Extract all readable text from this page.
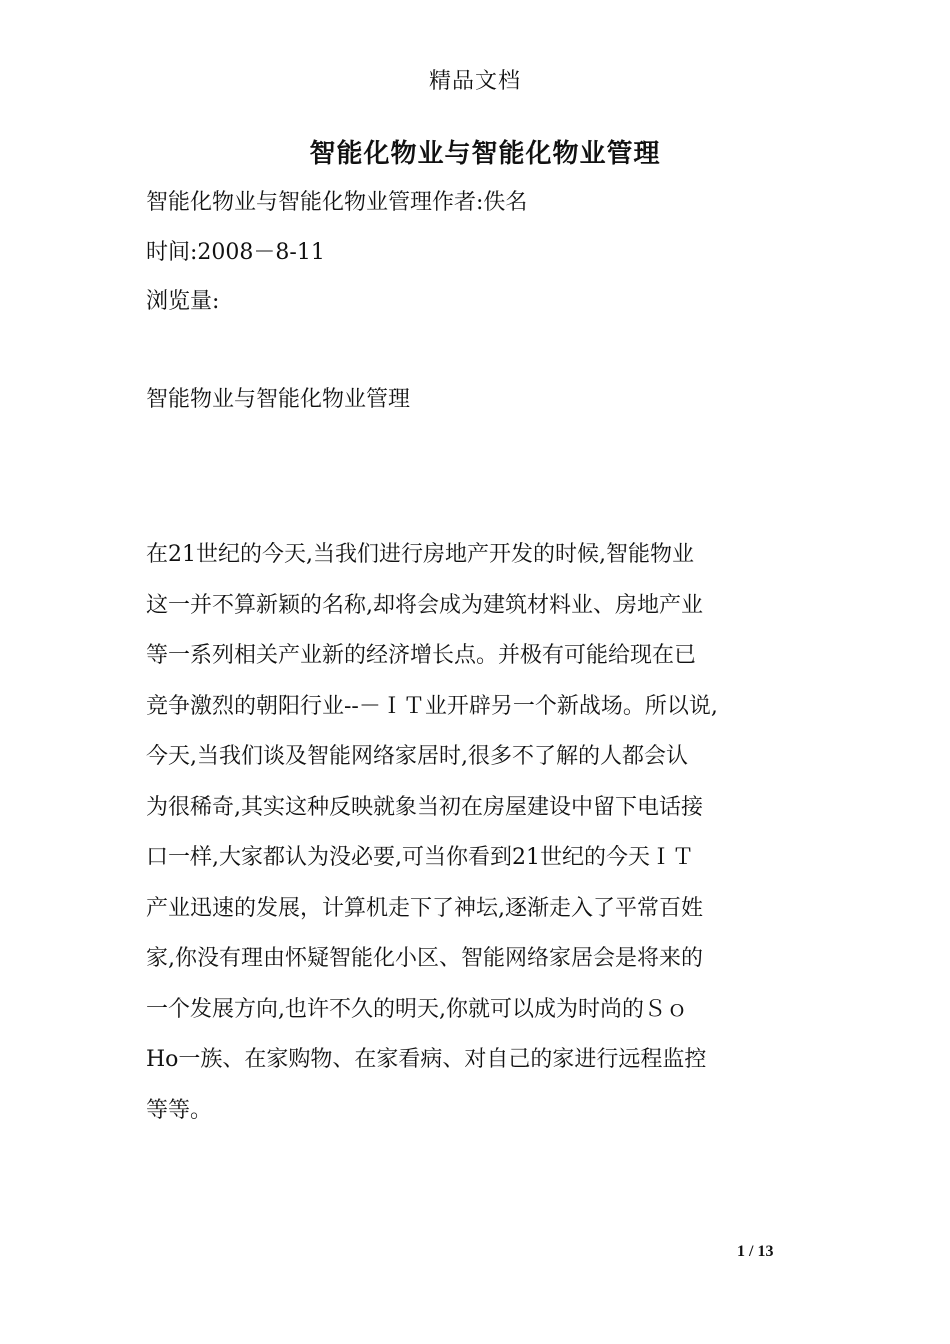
精品文档
智能化物业与智能化物业管理
智能化物业与智能化物业管理作者:佚名
时间:2008－8-11
浏览量:
智能物业与智能化物业管理
在21世纪的今天,当我们进行房地产开发的时候,智能物业
这一并不算新颖的名称,却将会成为建筑材料业、房地产业
等一系列相关产业新的经济增长点。并极有可能给现在已
竞争激烈的朝阳行业--－ＩＴ业开辟另一个新战场。所以说,
今天,当我们谈及智能网络家居时,很多不了解的人都会认
为很稀奇,其实这种反映就象当初在房屋建设中留下电话接
口一样,大家都认为没必要,可当你看到21世纪的今天ＩＴ
产业迅速的发展，计算机走下了神坛,逐渐走入了平常百姓
家,你没有理由怀疑智能化小区、智能网络家居会是将来的
一个发展方向,也许不久的明天,你就可以成为时尚的Ｓｏ
Ho一族、在家购物、在家看病、对自己的家进行远程监控
等等。
1 / 13
